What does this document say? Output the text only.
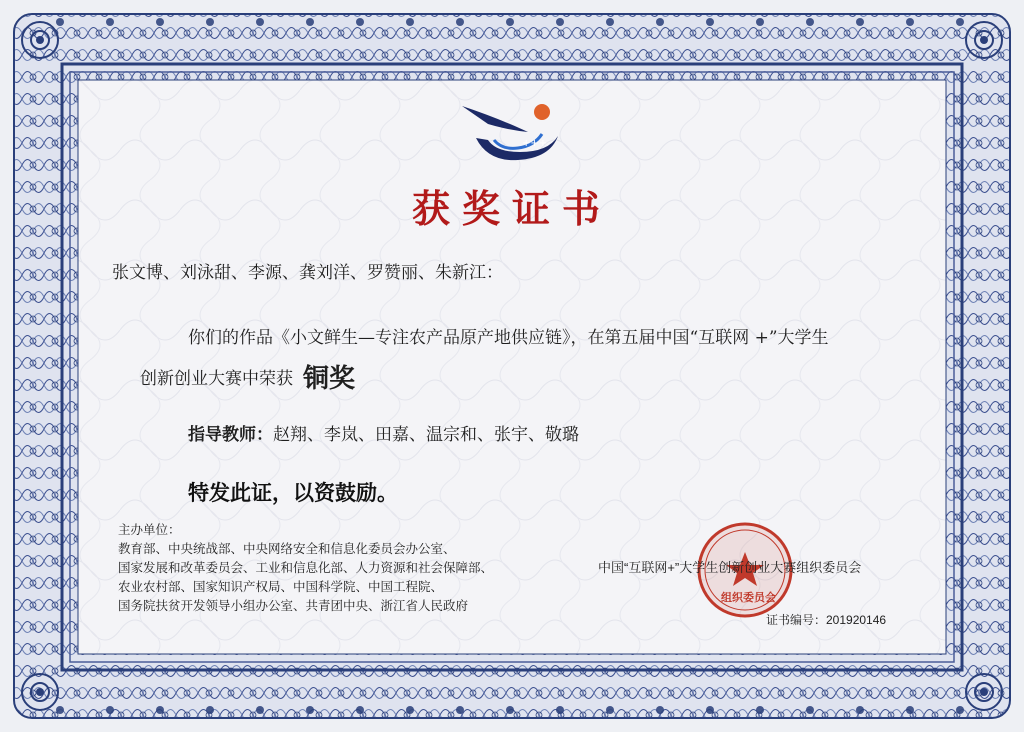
+++
获奖证书
张文博、刘泳甜、李源、龚刘洋、罗赞丽、朱新江：
你们的作品《小文鲜生—专注农产品原产地供应链》，在第五届中国“互联网 +”大学生
创新创业大赛中荣获 铜奖
指导教师：赵翔、李岚、田嘉、温宗和、张宇、敬璐
特发此证，以资鼓励。
主办单位：
教育部、中央统战部、中央网络安全和信息化委员会办公室、
国家发展和改革委员会、工业和信息化部、人力资源和社会保障部、
农业农村部、国家知识产权局、中国科学院、中国工程院、
国务院扶贫开发领导小组办公室、共青团中央、浙江省人民政府
中国“互联网+”大学生创新创业大赛组织委员会
组织委员会
证书编号：201920146
